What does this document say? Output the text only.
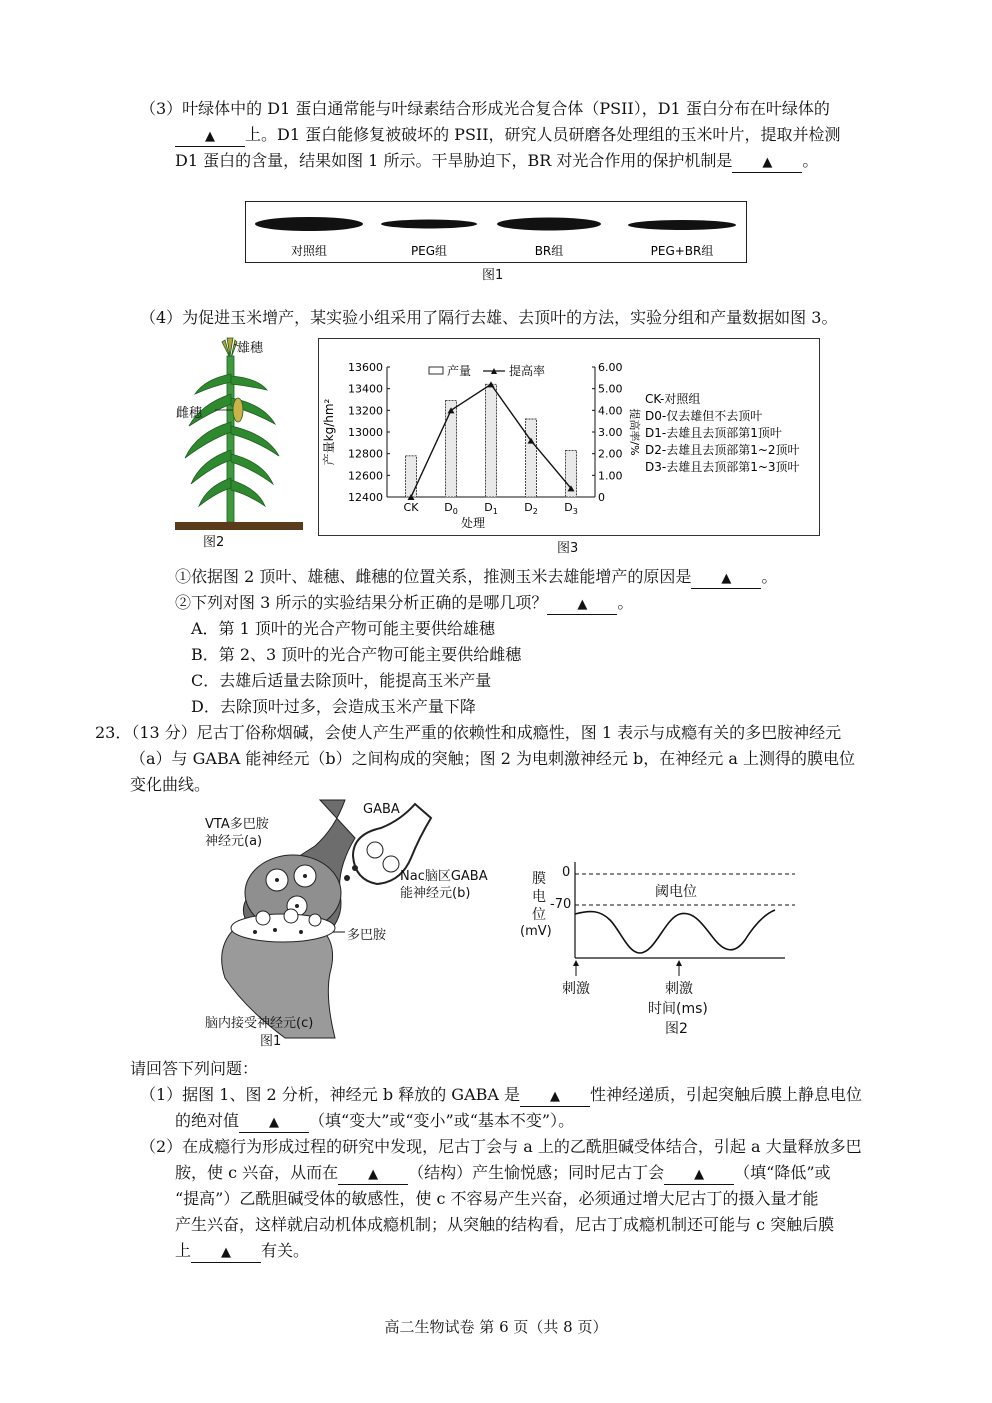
（3）叶绿体中的 D1 蛋白通常能与叶绿素结合形成光合复合体（PSII），D1 蛋白分布在叶绿体的
▲ 上。D1 蛋白能修复被破坏的 PSII，研究人员研磨各处理组的玉米叶片，提取并检测
D1 蛋白的含量，结果如图 1 所示。干旱胁迫下，BR 对光合作用的保护机制是 ▲ 。
对照组	PEG组	BR组	PEG+BR组
图1
（4）为促进玉米增产，某实验小组采用了隔行去雄、去顶叶的方法，实验分组和产量数据如图 3。
雄穗
雌穗
图2
12400
12600
12800
13000
13200
13400
13600
0
1.00
2.00
3.00
4.00
5.00
6.00
CK $D_0$ $D_1$ $D_2$ $D_3$
产量kg/hm²	提高率/%
处理
产量	提高率
CK-对照组
D0-仅去雄但不去顶叶
D1-去雄且去顶部第1顶叶
D2-去雄且去顶部第1~2顶叶
D3-去雄且去顶部第1~3顶叶
图3
①依据图 2 顶叶、雄穗、雌穗的位置关系，推测玉米去雄能增产的原因是 ▲ 。
②下列对图 3 所示的实验结果分析正确的是哪几项？ ▲ 。
A．第 1 顶叶的光合产物可能主要供给雄穗
B．第 2、3 顶叶的光合产物可能主要供给雌穗
C．去雄后适量去除顶叶，能提高玉米产量
D．去除顶叶过多，会造成玉米产量下降
23．（13 分）尼古丁俗称烟碱，会使人产生严重的依赖性和成瘾性，图 1 表示与成瘾有关的多巴胺神经元
（a）与 GABA 能神经元（b）之间构成的突触；图 2 为电刺激神经元 b，在神经元 a 上测得的膜电位
变化曲线。
VTA多巴胺
神经元(a)
GABA
Nac脑区GABA
能神经元(b)
多巴胺
脑内接受神经元(c)
图1
膜
电
位
(mV)
0
-70
阈电位
刺激	刺激
时间(ms)
图2
请回答下列问题：
（1）据图 1、图 2 分析，神经元 b 释放的 GABA 是 ▲ 性神经递质，引起突触后膜上静息电位
的绝对值 ▲ （填“变大”或“变小”或“基本不变”）。
（2）在成瘾行为形成过程的研究中发现，尼古丁会与 a 上的乙酰胆碱受体结合，引起 a 大量释放多巴
胺，使 c 兴奋，从而在 ▲ （结构）产生愉悦感；同时尼古丁会 ▲ （填“降低”或
“提高”）乙酰胆碱受体的敏感性，使 c 不容易产生兴奋，必须通过增大尼古丁的摄入量才能
产生兴奋，这样就启动机体成瘾机制；从突触的结构看，尼古丁成瘾机制还可能与 c 突触后膜
上 ▲ 有关。
高二生物试卷 第 6 页（共 8 页）
